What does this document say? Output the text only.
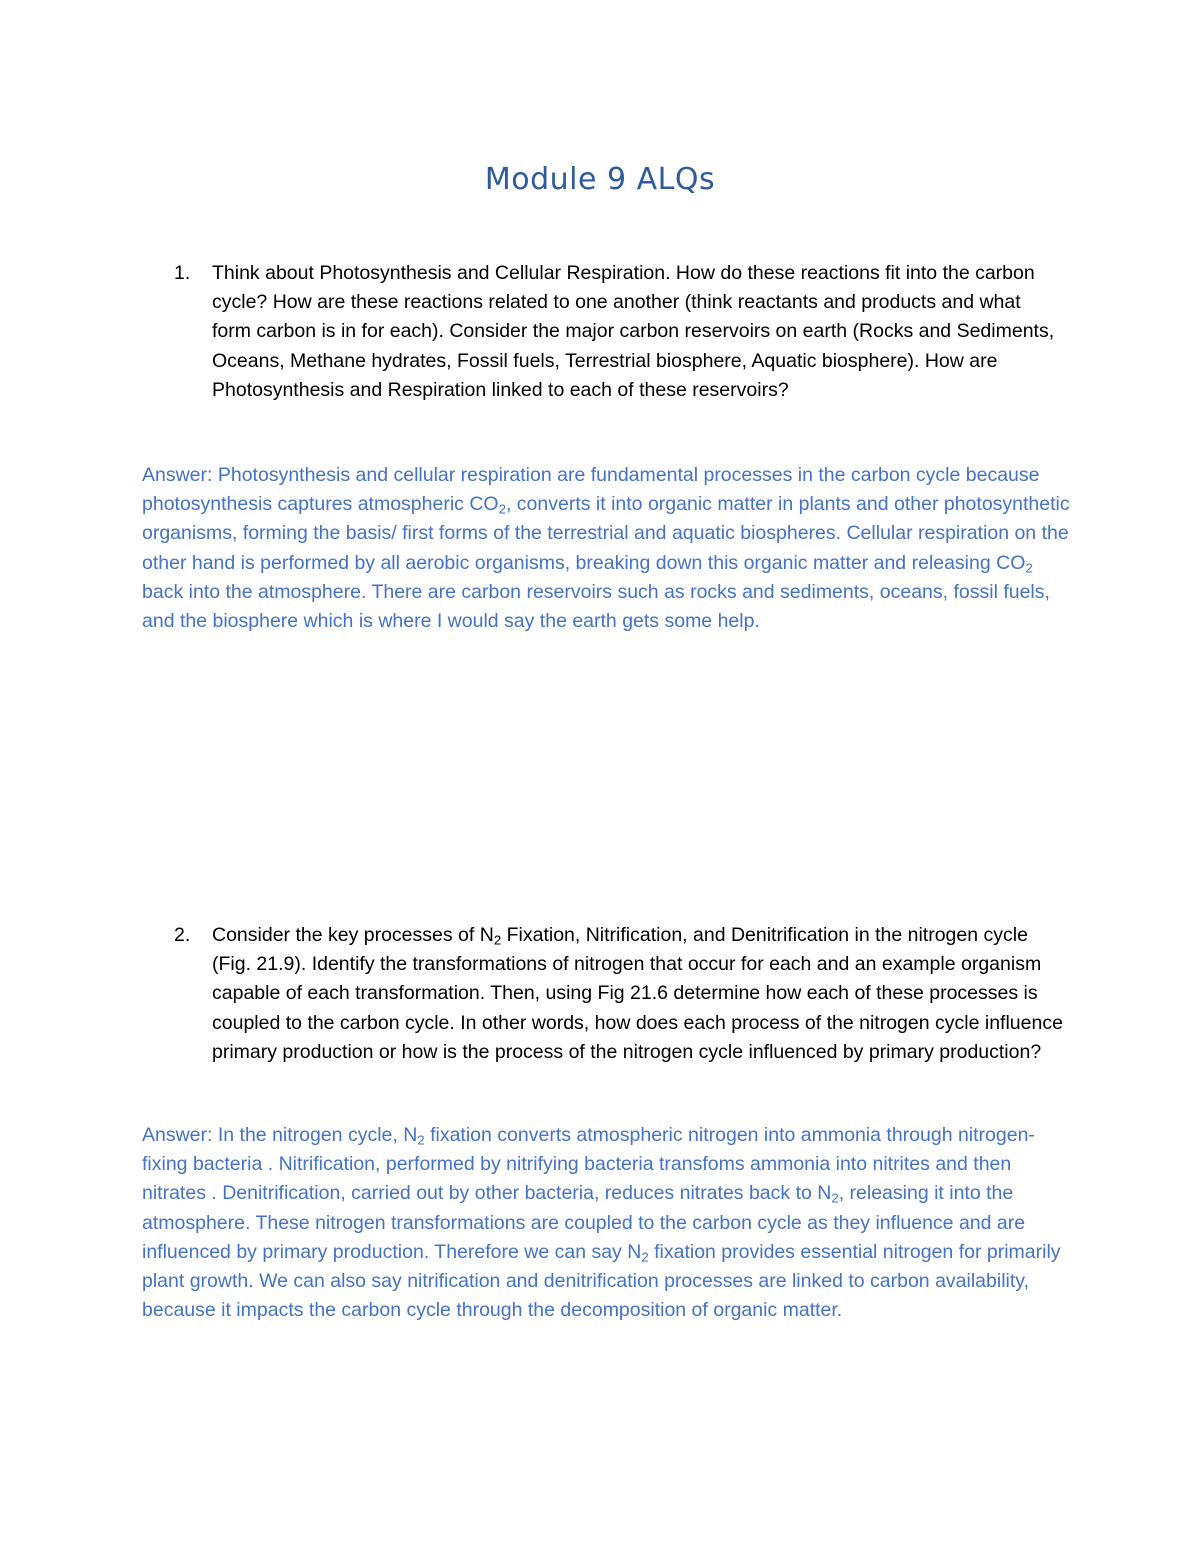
Module 9 ALQs
1. Think about Photosynthesis and Cellular Respiration. How do these reactions fit into the carbon cycle? How are these reactions related to one another (think reactants and products and what form carbon is in for each). Consider the major carbon reservoirs on earth (Rocks and Sediments, Oceans, Methane hydrates, Fossil fuels, Terrestrial biosphere, Aquatic biosphere). How are Photosynthesis and Respiration linked to each of these reservoirs?
Answer: Photosynthesis and cellular respiration are fundamental processes in the carbon cycle because photosynthesis captures atmospheric $CO_2$, converts it into organic matter in plants and other photosynthetic organisms, forming the basis/ first forms of the terrestrial and aquatic biospheres. Cellular respiration on the other hand is performed by all aerobic organisms, breaking down this organic matter and releasing $CO_2$ back into the atmosphere. There are carbon reservoirs such as rocks and sediments, oceans, fossil fuels, and the biosphere which is where I would say the earth gets some help.
2. Consider the key processes of $N_2$ Fixation, Nitrification, and Denitrification in the nitrogen cycle (Fig. 21.9). Identify the transformations of nitrogen that occur for each and an example organism capable of each transformation. Then, using Fig 21.6 determine how each of these processes is coupled to the carbon cycle. In other words, how does each process of the nitrogen cycle influence primary production or how is the process of the nitrogen cycle influenced by primary production?
Answer: In the nitrogen cycle, $N_2$ fixation converts atmospheric nitrogen into ammonia through nitrogen-fixing bacteria . Nitrification, performed by nitrifying bacteria transfoms ammonia into nitrites and then nitrates . Denitrification, carried out by other bacteria, reduces nitrates back to $N_2$, releasing it into the atmosphere. These nitrogen transformations are coupled to the carbon cycle as they influence and are influenced by primary production. Therefore we can say $N_2$ fixation provides essential nitrogen for primarily plant growth. We can also say nitrification and denitrification processes are linked to carbon availability, because it impacts the carbon cycle through the decomposition of organic matter.
